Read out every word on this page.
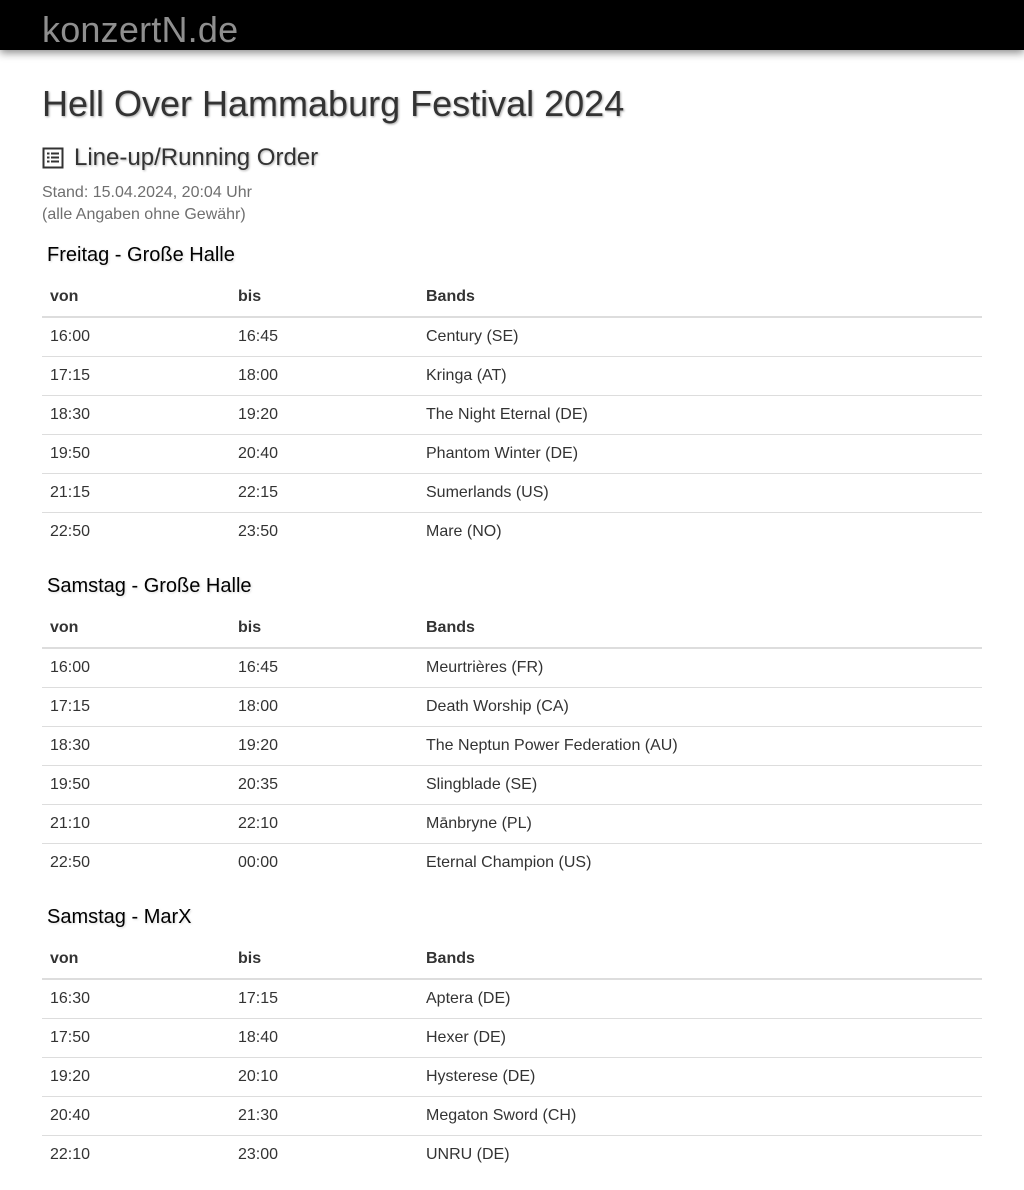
konzertN.de
Hell Over Hammaburg Festival 2024
Line-up/Running Order
Stand: 15.04.2024, 20:04 Uhr
(alle Angaben ohne Gewähr)
Freitag - Große Halle
von	bis	Bands
16:00	16:45	Century (SE)
17:15	18:00	Kringa (AT)
18:30	19:20	The Night Eternal (DE)
19:50	20:40	Phantom Winter (DE)
21:15	22:15	Sumerlands (US)
22:50	23:50	Mare (NO)
Samstag - Große Halle
von	bis	Bands
16:00	16:45	Meurtrières (FR)
17:15	18:00	Death Worship (CA)
18:30	19:20	The Neptun Power Federation (AU)
19:50	20:35	Slingblade (SE)
21:10	22:10	Mānbryne (PL)
22:50	00:00	Eternal Champion (US)
Samstag - MarX
von	bis	Bands
16:30	17:15	Aptera (DE)
17:50	18:40	Hexer (DE)
19:20	20:10	Hysterese (DE)
20:40	21:30	Megaton Sword (CH)
22:10	23:00	UNRU (DE)
